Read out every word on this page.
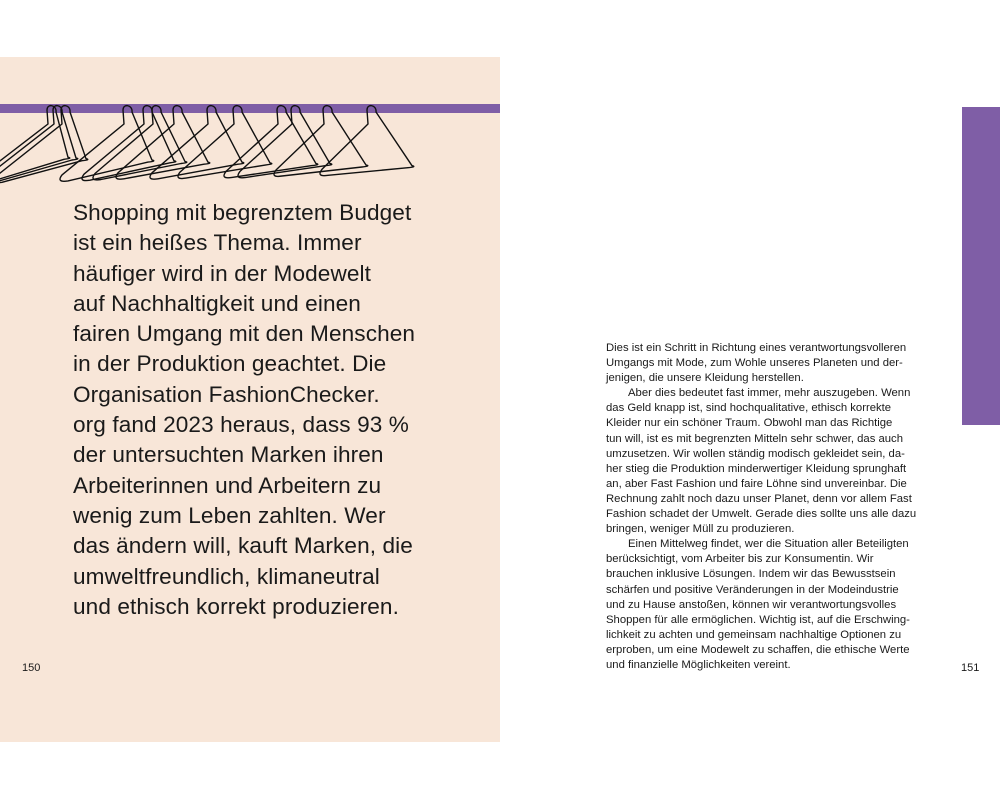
150
Shopping mit begrenztem Budget
ist ein heißes Thema. Immer
häufiger wird in der Modewelt
auf Nachhaltigkeit und einen
fairen Umgang mit den Menschen
in der Produktion geachtet. Die
Organisation FashionChecker.
org fand 2023 heraus, dass 93 %
der untersuchten Marken ihren
Arbeiterinnen und Arbeitern zu
wenig zum Leben zahlten. Wer
das ändern will, kauft Marken, die
umweltfreundlich, klimaneutral
und ethisch korrekt produzieren.
Dies ist ein Schritt in Richtung eines verantwortungsvolleren
Umgangs mit Mode, zum Wohle unseres Planeten und der-
jenigen, die unsere Kleidung herstellen.
Aber dies bedeutet fast immer, mehr auszugeben. Wenn
das Geld knapp ist, sind hochqualitative, ethisch korrekte
Kleider nur ein schöner Traum. Obwohl man das Richtige
tun will, ist es mit begrenzten Mitteln sehr schwer, das auch
umzusetzen. Wir wollen ständig modisch gekleidet sein, da-
her stieg die Produktion minderwertiger Kleidung sprunghaft
an, aber Fast Fashion und faire Löhne sind unvereinbar. Die
Rechnung zahlt noch dazu unser Planet, denn vor allem Fast
Fashion schadet der Umwelt. Gerade dies sollte uns alle dazu
bringen, weniger Müll zu produzieren.
Einen Mittelweg findet, wer die Situation aller Beteiligten
berücksichtigt, vom Arbeiter bis zur Konsumentin. Wir
brauchen inklusive Lösungen. Indem wir das Bewusstsein
schärfen und positive Veränderungen in der Modeindustrie
und zu Hause anstoßen, können wir verantwortungsvolles
Shoppen für alle ermöglichen. Wichtig ist, auf die Erschwing-
lichkeit zu achten und gemeinsam nachhaltige Optionen zu
erproben, um eine Modewelt zu schaffen, die ethische Werte
und finanzielle Möglichkeiten vereint.	151
